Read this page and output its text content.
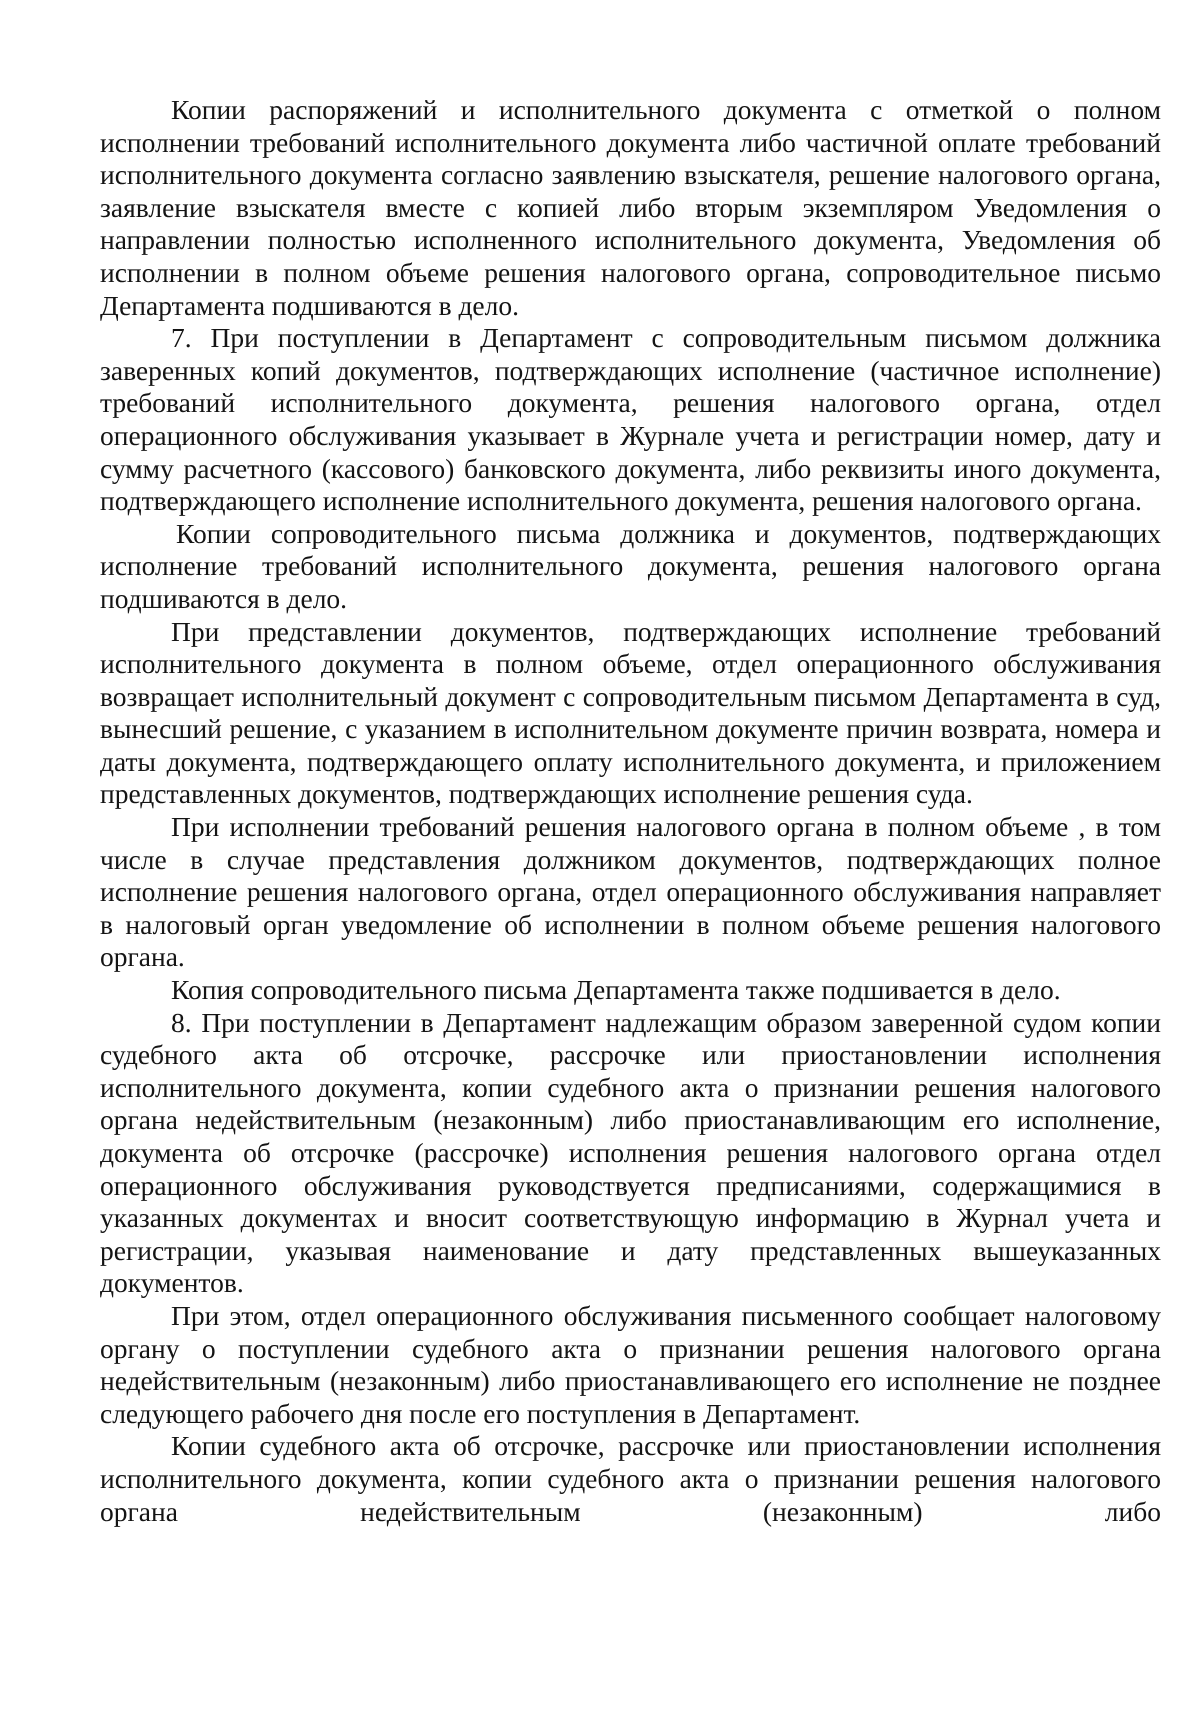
Копии распоряжений и исполнительного документа с отметкой о полном исполнении требований исполнительного документа либо частичной оплате требований исполнительного документа согласно заявлению взыскателя, решение налогового органа, заявление взыскателя вместе с копией либо вторым экземпляром Уведомления о направлении полностью исполненного исполнительного документа, Уведомления об исполнении в полном объеме решения налогового органа, сопроводительное письмо Департамента подшиваются в дело.

7. При поступлении в Департамент с сопроводительным письмом должника заверенных копий документов, подтверждающих исполнение (частичное исполнение) требований исполнительного документа, решения налогового органа, отдел операционного обслуживания указывает в Журнале учета и регистрации номер, дату и сумму расчетного (кассового) банковского документа, либо реквизиты иного документа, подтверждающего исполнение исполнительного документа, решения налогового органа.

Копии сопроводительного письма должника и документов, подтверждающих исполнение требований исполнительного документа, решения налогового органа подшиваются в дело.

При представлении документов, подтверждающих исполнение требований исполнительного документа в полном объеме, отдел операционного обслуживания возвращает исполнительный документ с сопроводительным письмом Департамента в суд, вынесший решение, с указанием в исполнительном документе причин возврата, номера и даты документа, подтверждающего оплату исполнительного документа, и приложением представленных документов, подтверждающих исполнение решения суда.

При исполнении требований решения налогового органа в полном объеме , в том числе в случае представления должником документов, подтверждающих полное исполнение решения налогового органа, отдел операционного обслуживания направляет в налоговый орган уведомление об исполнении в полном объеме решения налогового органа.

Копия сопроводительного письма Департамента также подшивается в дело.

8. При поступлении в Департамент надлежащим образом заверенной судом копии судебного акта об отсрочке, рассрочке или приостановлении исполнения исполнительного документа, копии судебного акта о признании решения налогового органа недействительным (незаконным) либо приостанавливающим его исполнение, документа об отсрочке (рассрочке) исполнения решения налогового органа отдел операционного обслуживания руководствуется предписаниями, содержащимися в указанных документах и вносит соответствующую информацию в Журнал учета и регистрации, указывая наименование и дату представленных вышеуказанных документов.

При этом, отдел операционного обслуживания письменного сообщает налоговому органу о поступлении судебного акта о признании решения налогового органа недействительным (незаконным) либо приостанавливающего его исполнение не позднее следующего рабочего дня после его поступления в Департамент.

Копии судебного акта об отсрочке, рассрочке или приостановлении исполнения исполнительного документа, копии судебного акта о признании решения налогового органа недействительным (незаконным) либо
